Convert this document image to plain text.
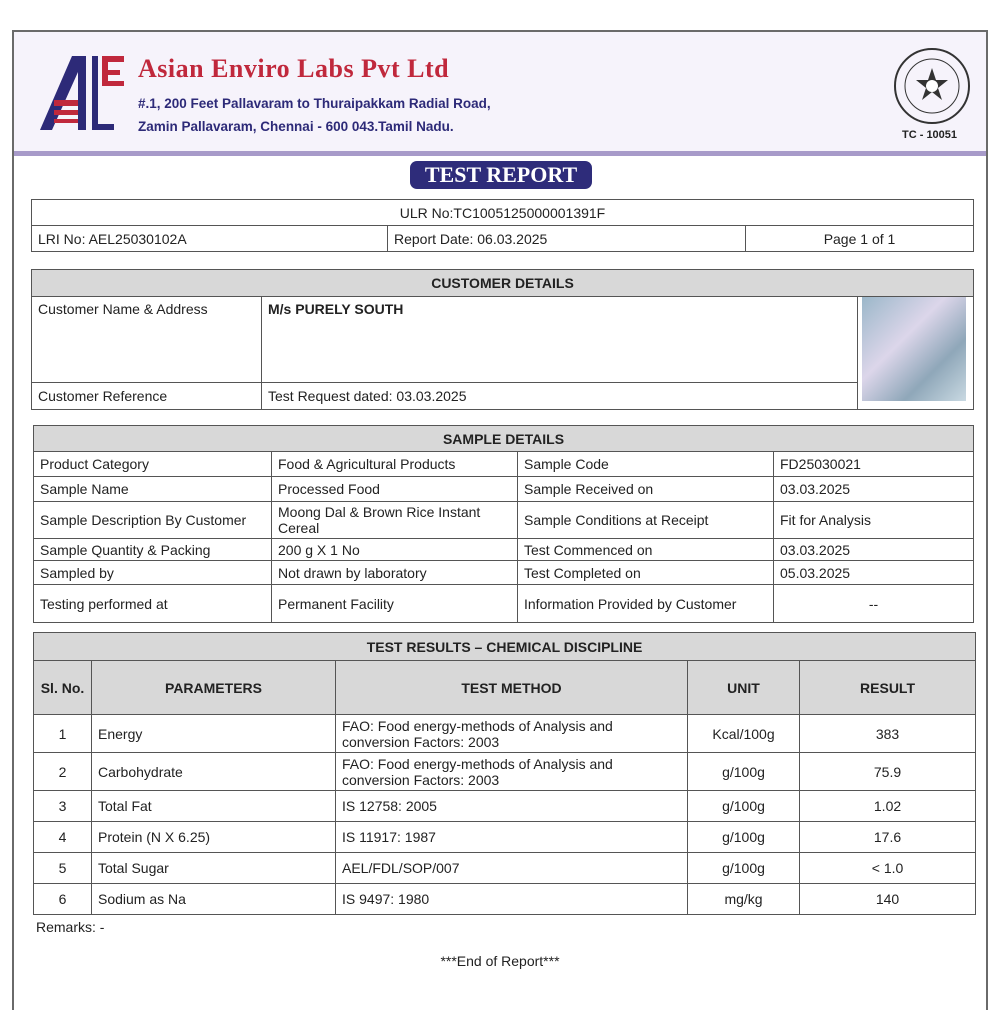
Asian Enviro Labs Pvt Ltd
#.1, 200 Feet Pallavaram to Thuraipakkam Radial Road,
Zamin Pallavaram, Chennai - 600 043.Tamil Nadu.
TC - 10051
TEST REPORT
ULR No:TC1005125000001391F
LRI No: AEL25030102A	Report Date: 06.03.2025	Page 1 of 1
CUSTOMER DETAILS		
Customer Name & Address	M/s PURELY SOUTH	
Customer Reference	Test Request dated: 03.03.2025	
SAMPLE DETAILS			
Product Category	Food & Agricultural Products	Sample Code	FD25030021
Sample Name	Processed Food	Sample Received on	03.03.2025
Sample Description By Customer	Moong Dal & Brown Rice Instant Cereal	Sample Conditions at Receipt	Fit for Analysis
Sample Quantity & Packing	200 g X 1 No	Test Commenced on	03.03.2025
Sampled by	Not drawn by laboratory	Test Completed on	05.03.2025
Testing performed at	Permanent Facility	Information Provided by Customer	--
TEST RESULTS – CHEMICAL DISCIPLINE				
Sl. No.	PARAMETERS	TEST METHOD	UNIT	RESULT
1	Energy	FAO: Food energy-methods of Analysis and conversion Factors: 2003	Kcal/100g	383
2	Carbohydrate	FAO: Food energy-methods of Analysis and conversion Factors: 2003	g/100g	75.9
3	Total Fat	IS 12758: 2005	g/100g	1.02
4	Protein (N X 6.25)	IS 11917: 1987	g/100g	17.6
5	Total Sugar	AEL/FDL/SOP/007	g/100g	< 1.0
6	Sodium as Na	IS 9497: 1980	mg/kg	140
Remarks: -
***End of Report***
